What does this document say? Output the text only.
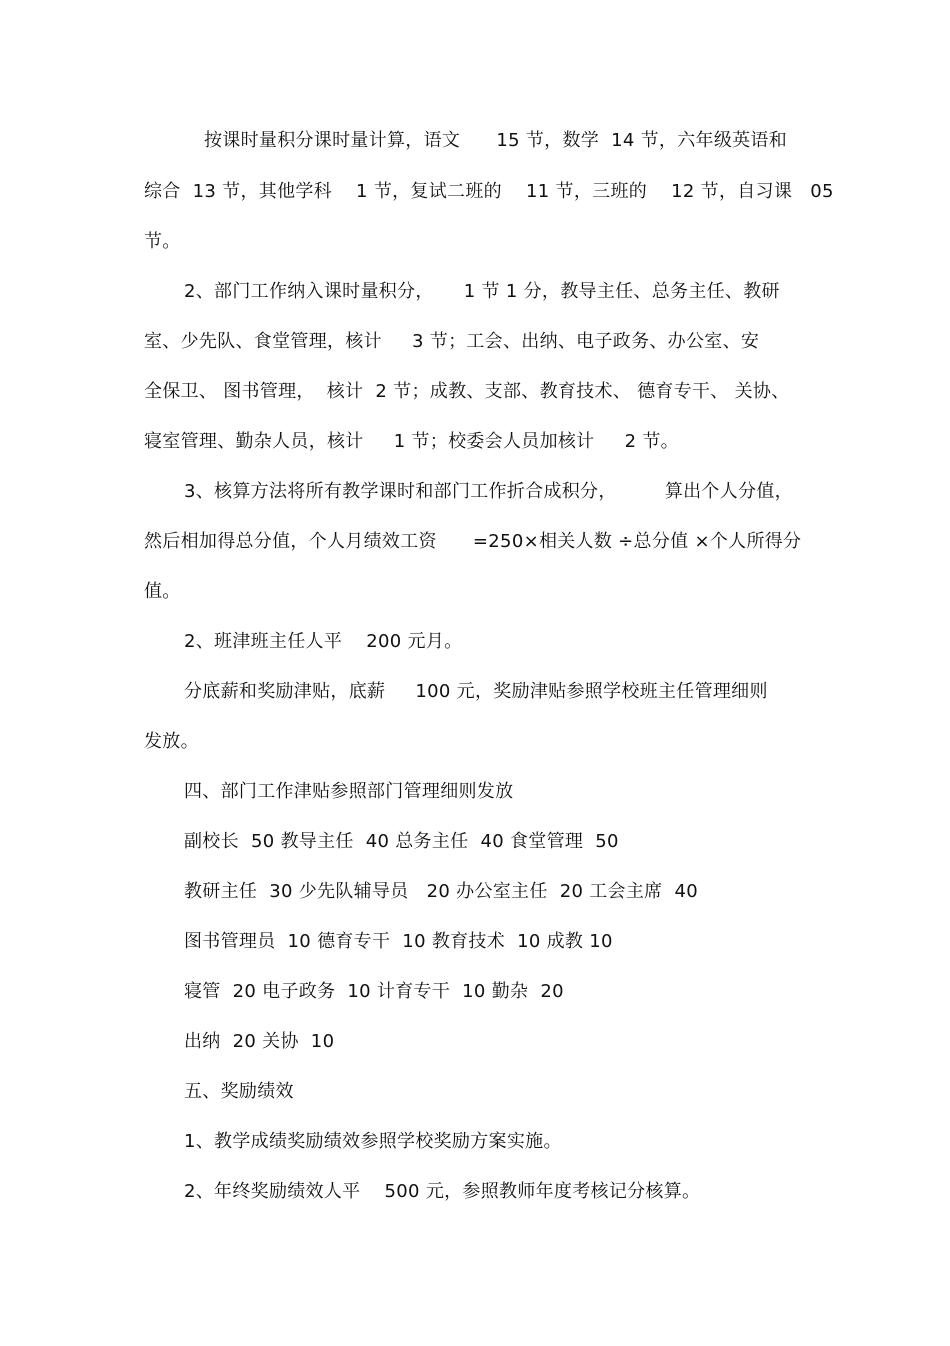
按课时量积分课时量计算，语文      15 节，数学  14 节，六年级英语和
综合  13 节，其他学科    1 节，复试二班的    11 节，三班的    12 节，自习课   05
节。
2、部门工作纳入课时量积分，     1 节 1 分，教导主任、总务主任、教研
室、少先队、食堂管理，核计     3 节；工会、出纳、电子政务、办公室、安
全保卫、 图书管理，  核计  2 节；成教、支部、教育技术、 德育专干、 关协、
寝室管理、勤杂人员，核计     1 节；校委会人员加核计     2 节。
3、核算方法将所有教学课时和部门工作折合成积分，        算出个人分值，
然后相加得总分值，个人月绩效工资      =250×相关人数 ÷总分值 ×个人所得分
值。
2、班津班主任人平    200 元月。
分底薪和奖励津贴，底薪     100 元，奖励津贴参照学校班主任管理细则
发放。
四、部门工作津贴参照部门管理细则发放
副校长  50 教导主任  40 总务主任  40 食堂管理  50
教研主任  30 少先队辅导员   20 办公室主任  20 工会主席  40
图书管理员  10 德育专干  10 教育技术  10 成教 10
寝管  20 电子政务  10 计育专干  10 勤杂  20
出纳  20 关协  10
五、奖励绩效
1、教学成绩奖励绩效参照学校奖励方案实施。
2、年终奖励绩效人平    500 元，参照教师年度考核记分核算。
